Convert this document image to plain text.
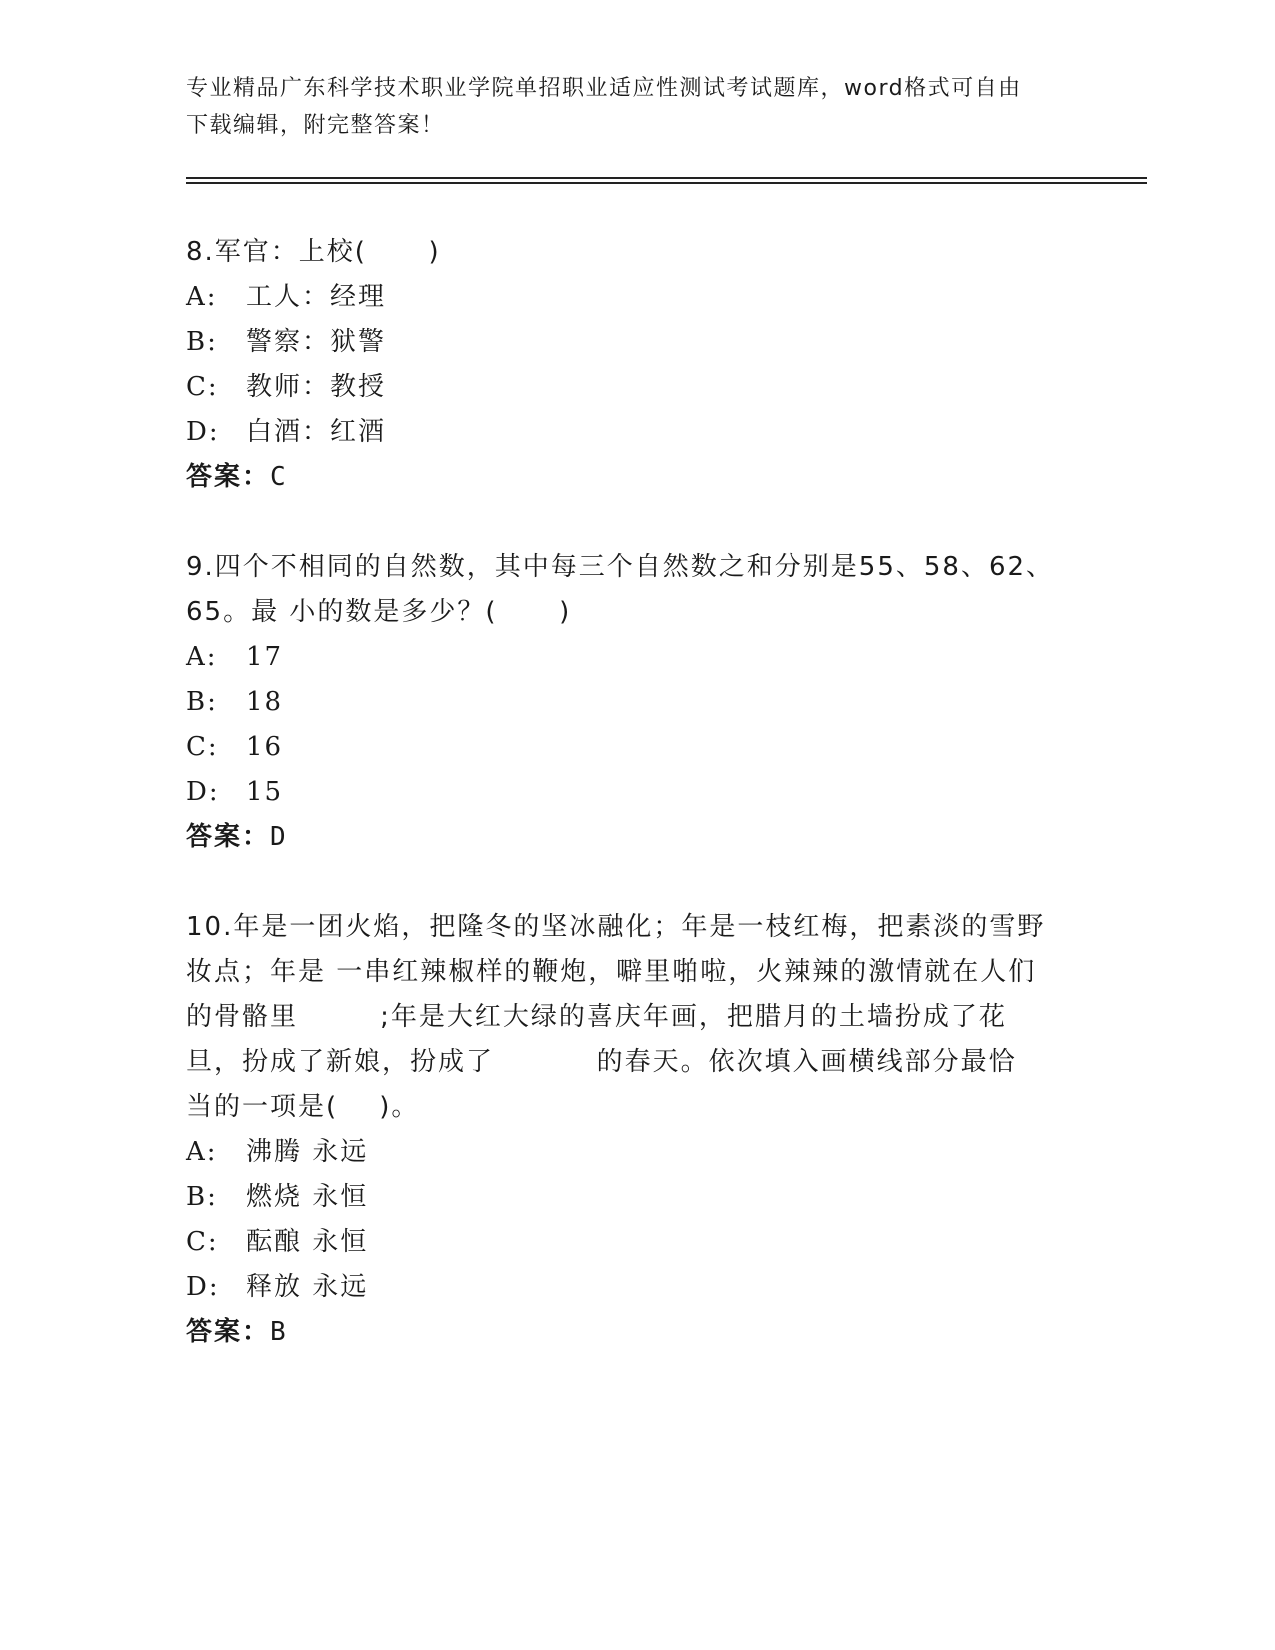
专业精品广东科学技术职业学院单招职业适应性测试考试题库，word格式可自由
下载编辑，附完整答案！
8.军官：上校(      )
A: 工人：经理
B: 警察：狱警
C: 教师：教授
D: 白酒：红酒
答案：C
9.四个不相同的自然数，其中每三个自然数之和分别是55、58、62、
65。最 小的数是多少？(      )
A: 17
B: 18
C: 16
D: 15
答案：D
10.年是一团火焰，把隆冬的坚冰融化；年是一枝红梅，把素淡的雪野
妆点；年是 一串红辣椒样的鞭炮，噼里啪啦，火辣辣的激情就在人们
的骨骼里        ;年是大红大绿的喜庆年画，把腊月的土墙扮成了花
旦，扮成了新娘，扮成了          的春天。依次填入画横线部分最恰
当的一项是(    )。
A: 沸腾 永远
B: 燃烧 永恒
C: 酝酿 永恒
D: 释放 永远
答案：B
